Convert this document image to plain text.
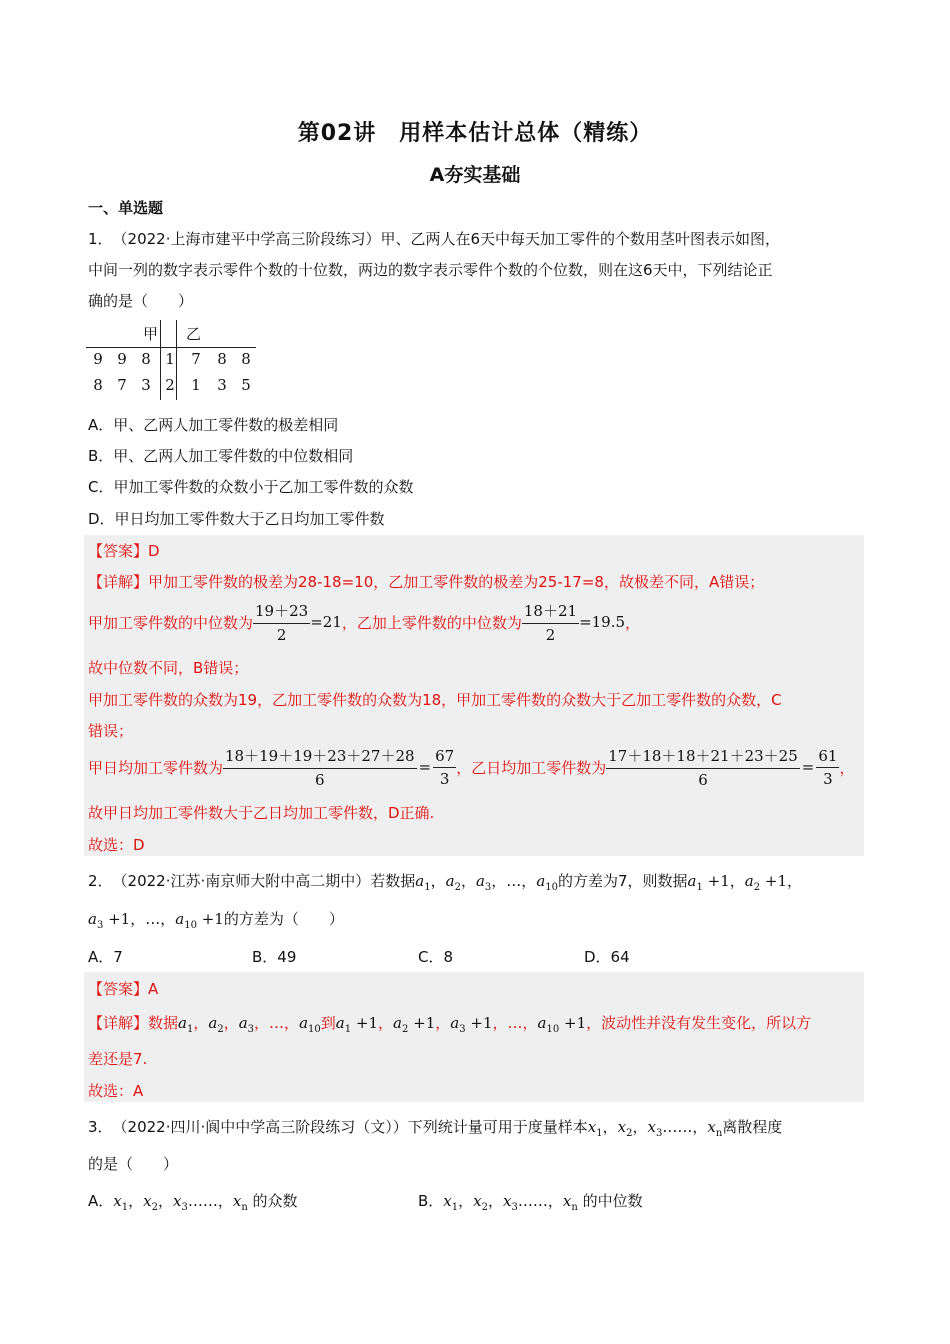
第02讲　用样本估计总体（精练）
A夯实基础
一、单选题
1．　（2022·上海市建平中学高三阶段练习）甲、乙两人在6天中每天加工零件的个数用茎叶图表示如图，
中间一列的数字表示零件个数的十位数，两边的数字表示零件个数的个位数，则在这6天中，下列结论正
确的是（　　）
		甲		乙		
9	9	8	1	7	8	8
8	7	3	2	1	3	5
A．甲、乙两人加工零件数的极差相同
B．甲、乙两人加工零件数的中位数相同
C．甲加工零件数的众数小于乙加工零件数的众数
D．甲日均加工零件数大于乙日均加工零件数
【答案】D
【详解】甲加工零件数的极差为28-18=10，乙加工零件数的极差为25-17=8，故极差不同，A错误；
甲加工零件数的中位数为 $\frac{19+23}{2} =21$ ，乙加上零件数的中位数为 $\frac{18+21}{2} =19.5$ ，
故中位数不同，B错误；
甲加工零件数的众数为19，乙加工零件数的众数为18，甲加工零件数的众数大于乙加工零件数的众数，C
错误；
甲日均加工零件数为 $\frac{18+19+19+23+27+28}{6} = \frac{67}{3}$ ，乙日均加工零件数为 $\frac{17+18+18+21+23+25}{6} = \frac{61}{3}$ ，
故甲日均加工零件数大于乙日均加工零件数，D正确.
故选：D
2．　（2022·江苏·南京师大附中高二期中）若数据$a_1$，$a_2$，$a_3$，…，$a_{10}$的方差为7，则数据$a_1 +1$，$a_2 +1$，
$a_3 +1$，…，$a_{10} +1$的方差为（　　）
A．7	B．49	C．8	D．64
【答案】A
【详解】数据$a_1$，$a_2$，$a_3$，…，$a_{10}$到$a_1 +1$，$a_2 +1$，$a_3 +1$，…，$a_{10} +1$，波动性并没有发生变化，所以方
差还是7.
故选：A
3．　（2022·四川·阆中中学高三阶段练习（文））下列统计量可用于度量样本$x_1$，$x_2$，$x_3\dots\dots$，$x_n$离散程度
的是（　　）
A．$x_1$，$x_2$，$x_3\dots\dots$，$x_n$ 的众数	B．$x_1$，$x_2$，$x_3\dots\dots$，$x_n$ 的中位数
